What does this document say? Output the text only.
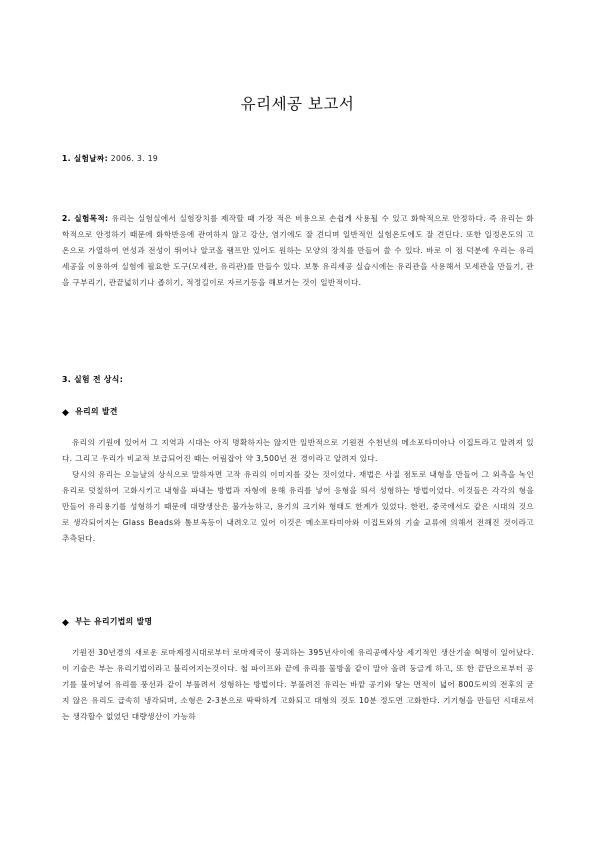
유리세공 보고서
1. 실험날짜: 2006. 3. 19
2. 실험목적: 유리는 실험실에서 실험장치를 제작할 때 가장 적은 비용으로 손쉽게 사용될 수 있고 화학적으로 안정하다. 즉 유리는 화학적으로 안정하기 때문에 화학반응에 관여하지 않고 강산, 염기에도 잘 견디며 일반적인 실험온도에도 잘 견딘다. 또한 일정온도의 고온으로 가열하여 연성과 전성이 뛰어나 알코올 램프만 있어도 원하는 모양의 장치를 만들어 쓸 수 있다. 바로 이 점 덕분에 우리는 유리세공을 이용하여 실험에 필요한 도구(모세관, 유리관)를 만들수 있다. 보통 유리세공 실습시에는 유리관을 사용해서 모세관을 만들기, 관을 구부리기, 관끝넓히기나 좁히기, 적정길이로 자르기등을 해보거는 것이 일반적이다.
3. 실험 전 상식:
◆ 유리의 발견

유리의 기원에 있어서 그 지역과 시대는 아직 명확하지는 않지만 일반적으로 기원전 수천년의 메소포타미아나 이집트라고 알려져 있다. 그리고 우리가 비교적 보급되어진 때는 어림잡아 약 3,500년 전 경이라고 알려져 있다.

당시의 유리는 오늘날의 상식으로 말하자면 고작 유리의 이미지를 갖는 것이었다. 재법은 사질 점토로 내형을 만들어 그 외측을 녹인 유리로 덧칠하여 고화시키고 내형을 파내는 방법과 자형에 용해 유리를 넣어 응형을 띄셔 성형하는 방법이었다. 이것들은 각각의 형을 만들어 유리용기를 성형하기 때문에 대량생산은 불가능하고, 용기의 크기와 형태도 한계가 있었다. 한편, 중국에서도 같은 시대의 것으로 생각되어지는 Glass Beads와 톰보옥등이 내려오고 있어 이것은 메소포타미아와 이집트와의 기술 교류에 의해서 전해진 것이라고 추측된다.

◆ 부는 유리기법의 발명

기원전 30년경의 새로운 로마제정시대로부터 로마제국이 붕괴하는 395년사이에 유리공예사상 세기적인 생산기술 혁명이 일어났다. 이 기술은 부는 유리기법이라고 불리어지는것이다. 철 파이프와 끝에 유리를 물방울 같이 말아 올려 둥글게 하고, 또 한 끝단으로부터 공기를 불어넣어 유리를 풍선과 같이 부풀려서 성형하는 방법이다. 부풀려진 유리는 바깥 공기와 닿는 면적이 넓어 800도씨의 전후의 굳지 않은 유리도 급속히 냉각되며, 소형은 2-3분으로 딱딱하게 고화되고 대형의 것도 10분 정도면 고화한다. 기기형을 만들던 시대로서는 생각할수 없었던 대량생산이 가능하
